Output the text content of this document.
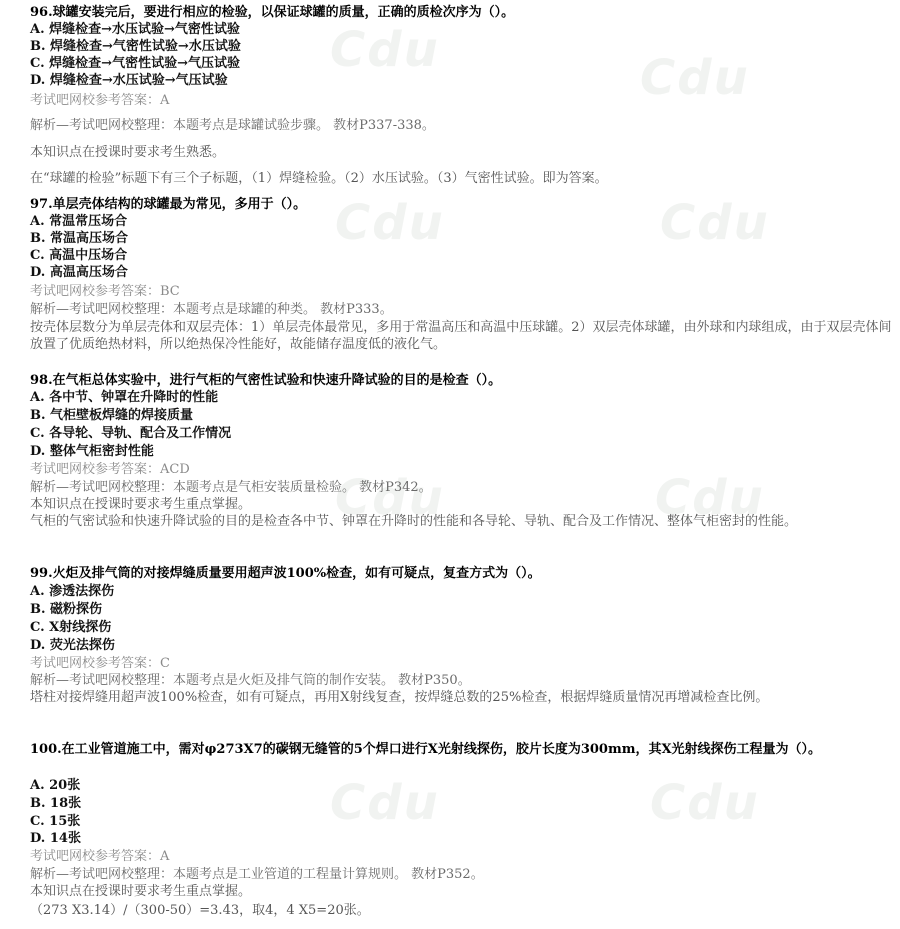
Cdu	Cdu
Cdu	Cdu
Cdu	Cdu
Cdu	Cdu
96.球罐安装完后，要进行相应的检验，以保证球罐的质量，正确的质检次序为（）。
A. 焊缝检查→水压试验→气密性试验
B. 焊缝检查→气密性试验→水压试验
C. 焊缝检查→气密性试验→气压试验
D. 焊缝检查→水压试验→气压试验
考试吧网校参考答案：A
解析—考试吧网校整理：本题考点是球罐试验步骤。 教材P337-338。
本知识点在授课时要求考生熟悉。
在“球罐的检验”标题下有三个子标题，（1）焊缝检验。（2）水压试验。（3）气密性试验。即为答案。
97.单层壳体结构的球罐最为常见，多用于（）。
A. 常温常压场合
B. 常温高压场合
C. 高温中压场合
D. 高温高压场合
考试吧网校参考答案：BC
解析—考试吧网校整理：本题考点是球罐的种类。 教材P333。
按壳体层数分为单层壳体和双层壳体：1）单层壳体最常见，多用于常温高压和高温中压球罐。2）双层壳体球罐，由外球和内球组成，由于双层壳体间放置了优质绝热材料，所以绝热保冷性能好，故能储存温度低的液化气。
98.在气柜总体实验中，进行气柜的气密性试验和快速升降试验的目的是检查（）。
A. 各中节、钟罩在升降时的性能
B. 气柜壁板焊缝的焊接质量
C. 各导轮、导轨、配合及工作情况
D. 整体气柜密封性能
考试吧网校参考答案：ACD
解析—考试吧网校整理：本题考点是气柜安装质量检验。 教材P342。
本知识点在授课时要求考生重点掌握。
气柜的气密试验和快速升降试验的目的是检查各中节、钟罩在升降时的性能和各导轮、导轨、配合及工作情况、整体气柜密封的性能。
99.火炬及排气筒的对接焊缝质量要用超声波100%检查，如有可疑点，复查方式为（）。
A. 渗透法探伤
B. 磁粉探伤
C. X射线探伤
D. 荧光法探伤
考试吧网校参考答案：C
解析—考试吧网校整理：本题考点是火炬及排气筒的制作安装。 教材P350。
塔柱对接焊缝用超声波100%检查，如有可疑点，再用X射线复查，按焊缝总数的25%检查，根据焊缝质量情况再增减检查比例。
100.在工业管道施工中，需对φ273X7的碳钢无缝管的5个焊口进行X光射线探伤，胶片长度为300mm，其X光射线探伤工程量为（）。
A. 20张
B. 18张
C. 15张
D. 14张
考试吧网校参考答案：A
解析—考试吧网校整理：本题考点是工业管道的工程量计算规则。 教材P352。
本知识点在授课时要求考生重点掌握。
（273 X3.14）/（300-50）=3.43，取4，4 X5=20张。
